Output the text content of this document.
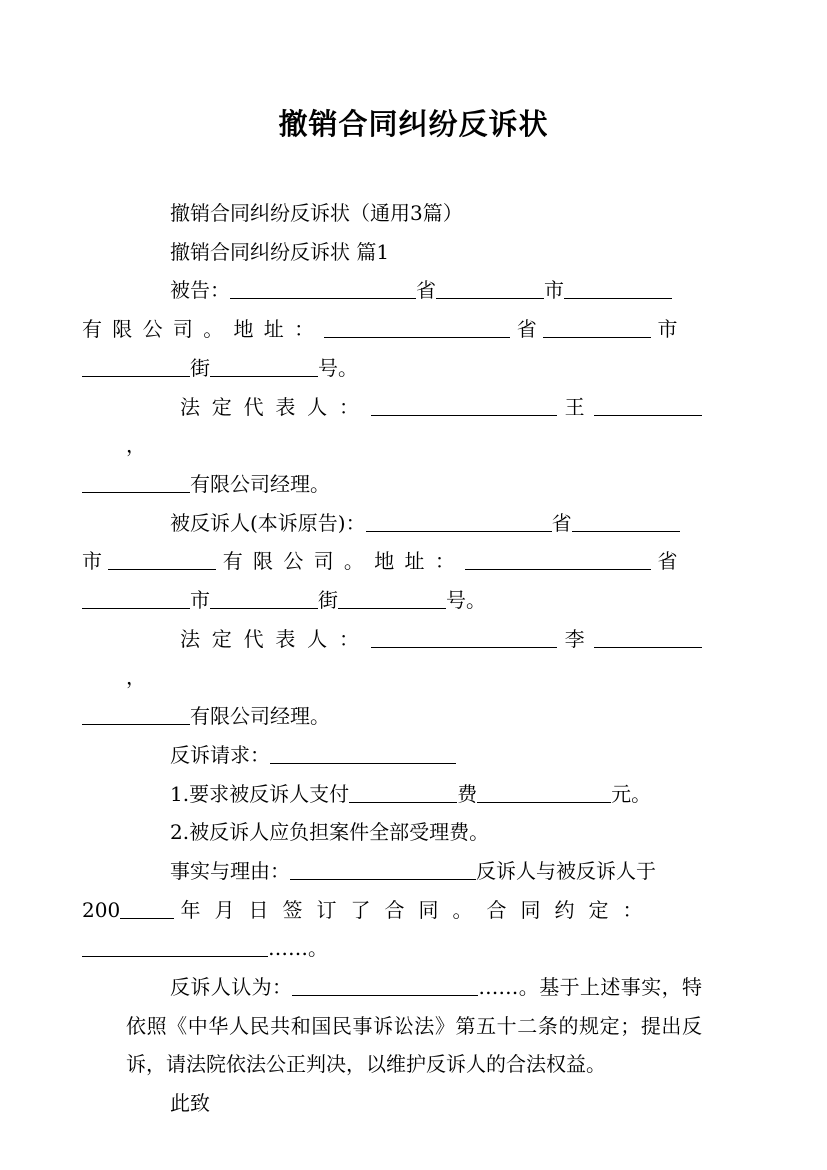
撤销合同纠纷反诉状
撤销合同纠纷反诉状（通用3篇）
撤销合同纠纷反诉状 篇1
被告：	省	市
有限公司。地址：	省	市
街	号。
法定代表人：	王  ，
有限公司经理。
被反诉人(本诉原告)：	省
市	有限公司。地址：	省
市	街	号。
法定代表人：	李  ，
有限公司经理。
反诉请求：
1.要求被反诉人支付	费	元。
2.被反诉人应负担案件全部受理费。
事实与理由：	反诉人与被反诉人于
200	年月日签订了合同。合同约定：
……。
反诉人认为：	……。基于上述事实，特依照《中华人民共和国民事诉讼法》第五十二条的规定；提出反诉，请法院依法公正判决，以维护反诉人的合法权益。
此致
